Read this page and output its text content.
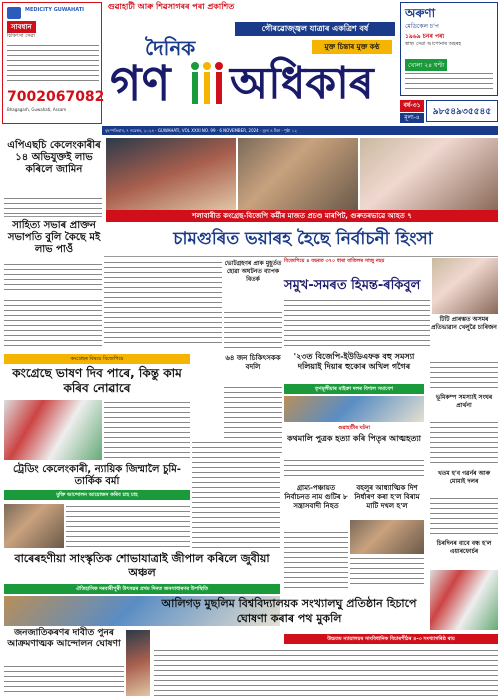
MEDICITY GUWAHATI
সাবধান
চিকিৎসা সেৱা
7002067082
Bhagagarh, Guwahati, Assam
গুৱাহাটী আৰু শিৱসাগৰৰ পৰা প্ৰকাশিত
গৌৰৱোজ্জ্বল যাত্ৰাৰ একত্ৰিশ বৰ্ষ
দৈনিক	মুক্ত চিন্তাৰ মুক্ত কণ্ঠ
গণ অধিকাৰ
অৰুণা
মেডিকেল চ'প
১৯৬৯ চনৰ পৰা
স্বাস্থ্য সেৱা আপোনাৰ অহৰহ
খোলা ২৪ ঘণ্টা
বৰ্ষ-৩১
মূল্য-৪
৯৮৫৪৯৩৫৫৪৫
বৃহস্পতিবাৰ, ৭ নৱেম্বৰ, ২০২৪ · GUWAHATI, VOL XXXI NO. 99 · 6 NOVEMBER, 2024 · মূল্য ৪ টকা · পৃষ্ঠা ১২
এপিএছচি কেলেংকাৰীৰ ১৪ অভিযুক্তই লাভ কৰিলে জামিন
সাহিত্য সভাৰ প্ৰাক্তন সভাপতি বুলি কৈছে মই লাভ পাওঁ
শলাবাৰীত কংগ্ৰেছ-বিজেপি কৰ্মীৰ মাজত প্ৰচণ্ড মাৰপিট, গুৰুতৰভাৱে আহত ৭
চামগুৰিত ভয়াৰহ হৈছে নিৰ্বাচনী হিংসা
কংগ্ৰেছৰ বিষয়ে বিজেপিয়ে
কংগ্ৰেছে ভাষণ দিব পাৰে, কিন্তু কাম কৰিব নোৱাৰে
ভোটগ্ৰহণৰ প্ৰাক মুহূৰ্তত হোৱা অঘটনত ব্যাপক বিতৰ্ক
ট্ৰেডিং কেলেংকাৰী, ন্যায়িক জিম্মালৈ চুমি-তাৰ্কিক বৰ্মা
মুক্তি আন্দোলন আয়োজন কৰিব চাহ চাহ
৬৪ জন চিকিৎসকক বদলি
বাৰেৰহণীয়া সাংস্কৃতিক শোভাযাত্ৰাই জীপাল কৰিলে জুবীয়া অঞ্চল
ঐতিহাসিক দৰবাৰীপুৰী উৎসৱৰ প্ৰথম দিনত জনসাধাৰণৰ উপস্থিতি
জনজাতিকৰণৰ দাবীত পুনৰ আক্ৰমণাত্মক আন্দোলন ঘোষণা
বিজেপিয়ে ৪ বছৰত ৩৭০ ধাৰা বাতিলৰ সাজু নহয়
সমুখ-সমৰত হিমন্ত-ৰকিবুল
'২৩ত বিজেপি-ইউডিএফক বহু সমস্যা দলিয়াই দিয়াৰ হুকোৰ অখিল গগৈৰ
তৃণমূলীয়াৰ মাইক্ৰা দলৰ বিশাল সমাবেশ
গুৱাহাটীৰ ঘটনা
কথমালি পুত্ৰক হত্যা কৰি পিতৃৰ আত্মহত্যা
গ্ৰাম্য-পঞ্চায়ত নিৰ্বাচনত নাম গুটিৰ ৮ সন্ত্ৰাসবাদী নিহত
বহলুৰ আধ্যাত্মিক দিশ নিৰ্ধাৰণ কৰা হ'ল বিৰাম মাটি দখল হ'ল
আলিগড় মুছলিম বিশ্ববিদ্যালয়ক সংখ্যালঘু প্ৰতিষ্ঠান হিচাপে ঘোষণা কৰাৰ পথ মুকলি
উচ্চতম ন্যায়ালয়ৰ সাংবিধানিক বিচাৰপীঠৰ ৪-৩ সংখ্যাগৰিষ্ঠ ৰায়
টিটি প্ৰাৰম্ভত অসমৰ প্ৰতিভাৱান খেলুৱৈ চাৰিজন
ভূমিকম্প সমস্যাই সংঘৰ প্ৰাৰ্থনা
খতম হ'ব গৱৰ্নৰ আৰু মোমাই দলৰ
চিৰদিনৰ বাবে বন্ধ হ'ল এয়াৰফোৰ্চৰ
